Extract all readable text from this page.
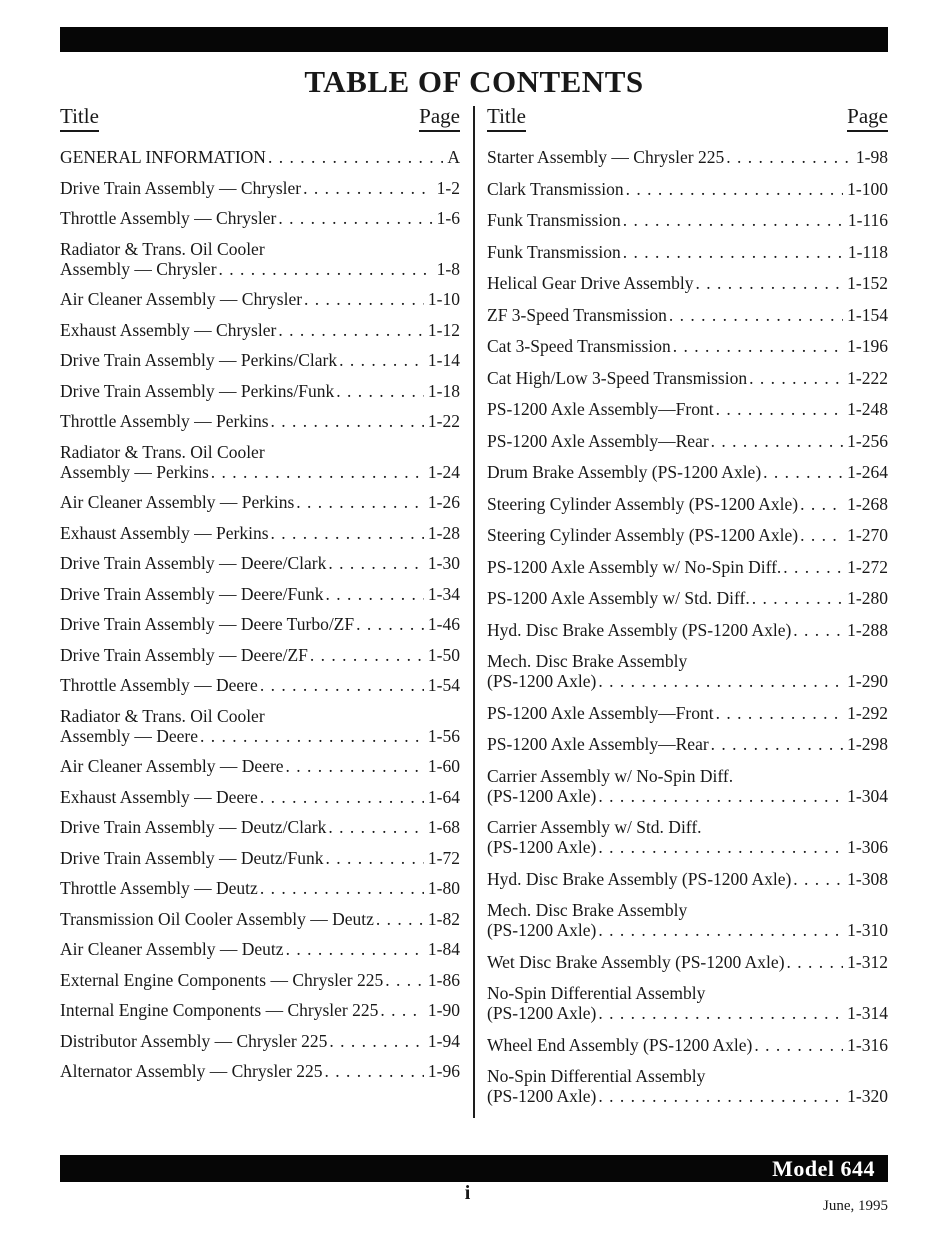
TABLE OF CONTENTS
Title	Page
GENERAL INFORMATION . . .	A
Drive Train Assembly — Chrysler . . .	1-2
Throttle Assembly — Chrysler . . .	1-6
Radiator & Trans. Oil Cooler
Assembly — Chrysler . . .	1-8
Air Cleaner Assembly — Chrysler . . .	1-10
Exhaust Assembly — Chrysler . . .	1-12
Drive Train Assembly — Perkins/Clark . . .	1-14
Drive Train Assembly — Perkins/Funk . . .	1-18
Throttle Assembly — Perkins . . .	1-22
Radiator & Trans. Oil Cooler
Assembly — Perkins . . .	1-24
Air Cleaner Assembly — Perkins . . .	1-26
Exhaust Assembly — Perkins . . .	1-28
Drive Train Assembly — Deere/Clark . . .	1-30
Drive Train Assembly — Deere/Funk . . .	1-34
Drive Train Assembly — Deere Turbo/ZF . . .	1-46
Drive Train Assembly — Deere/ZF . . .	1-50
Throttle Assembly — Deere . . .	1-54
Radiator & Trans. Oil Cooler
Assembly — Deere . . .	1-56
Air Cleaner Assembly — Deere . . .	1-60
Exhaust Assembly — Deere . . .	1-64
Drive Train Assembly — Deutz/Clark . . .	1-68
Drive Train Assembly — Deutz/Funk . . .	1-72
Throttle Assembly — Deutz . . .	1-80
Transmission Oil Cooler Assembly — Deutz . . .	1-82
Air Cleaner Assembly — Deutz . . .	1-84
External Engine Components — Chrysler 225 . . .	1-86
Internal Engine Components — Chrysler 225 . . .	1-90
Distributor Assembly — Chrysler 225 . . .	1-94
Alternator Assembly — Chrysler 225 . . .	1-96
Title	Page
Starter Assembly — Chrysler 225 . . .	1-98
Clark Transmission . . .	1-100
Funk Transmission . . .	1-116
Funk Transmission . . .	1-118
Helical Gear Drive Assembly . . .	1-152
ZF 3-Speed Transmission . . .	1-154
Cat 3-Speed Transmission . . .	1-196
Cat High/Low 3-Speed Transmission . . .	1-222
PS-1200 Axle Assembly—Front . . .	1-248
PS-1200 Axle Assembly—Rear . . .	1-256
Drum Brake Assembly (PS-1200 Axle) . . .	1-264
Steering Cylinder Assembly (PS-1200 Axle) . . .	1-268
Steering Cylinder Assembly (PS-1200 Axle) . . .	1-270
PS-1200 Axle Assembly w/ No-Spin Diff. . . .	1-272
PS-1200 Axle Assembly w/ Std. Diff. . . .	1-280
Hyd. Disc Brake Assembly (PS-1200 Axle) . . .	1-288
Mech. Disc Brake Assembly
(PS-1200 Axle) . . .	1-290
PS-1200 Axle Assembly—Front . . .	1-292
PS-1200 Axle Assembly—Rear . . .	1-298
Carrier Assembly w/ No-Spin Diff.
(PS-1200 Axle) . . .	1-304
Carrier Assembly w/ Std. Diff.
(PS-1200 Axle) . . .	1-306
Hyd. Disc Brake Assembly (PS-1200 Axle) . . .	1-308
Mech. Disc Brake Assembly
(PS-1200 Axle) . . .	1-310
Wet Disc Brake Assembly (PS-1200 Axle) . . .	1-312
No-Spin Differential Assembly
(PS-1200 Axle) . . .	1-314
Wheel End Assembly (PS-1200 Axle) . . .	1-316
No-Spin Differential Assembly
(PS-1200 Axle) . . .	1-320
Model 644
i
June, 1995
